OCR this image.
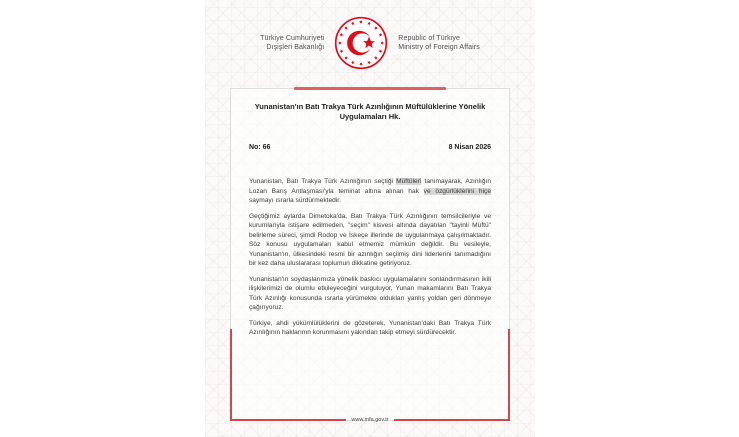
Türkiye Cumhuriyeti
Dışişleri Bakanlığı
Republic of Türkiye
Ministry of Foreign Affairs
Yunanistan'ın Batı Trakya Türk Azınlığının Müftülüklerine Yönelik Uygulamaları Hk.
No: 66	8 Nisan 2026

Yunanistan, Batı Trakya Türk Azınlığının seçtiği Müftüleri tanımayarak, Azınlığın Lozan Barış Antlaşması'yla teminat altına alınan hak ve özgürlüklerini hiçe saymayı ısrarla sürdürmektedir.

Geçtiğimiz aylarda Dimetoka'da, Batı Trakya Türk Azınlığının temsilcileriyle ve kurumlarıyla istişare edilmeden, "seçim" kisvesi altında dayatılan "tayinli Müftü" belirleme süreci, şimdi Rodop ve İskeçe illerinde de uygulanmaya çalışılmaktadır. Söz konusu uygulamaları kabul etmemiz mümkün değildir. Bu vesileyle, Yunanistan'ın, ülkesindeki resmi bir azınlığın seçilmiş dini liderlerini tanımadığını bir kez daha uluslararası toplumun dikkatine getiriyoruz.

Yunanistan'ın soydaşlarımıza yönelik baskıcı uygulamalarını sonlandırmasının ikili ilişkilerimizi de olumlu etkileyeceğini vurguluyor, Yunan makamlarını Batı Trakya Türk Azınlığı konusunda ısrarla yürümekte oldukları yanlış yoldan geri dönmeye çağırıyoruz.

Türkiye, ahdi yükümlülüklerini de gözeterek, Yunanistan'daki Batı Trakya Türk Azınlığının haklarının korunmasını yakından takip etmeyi sürdürecektir.

www.mfa.gov.tr
